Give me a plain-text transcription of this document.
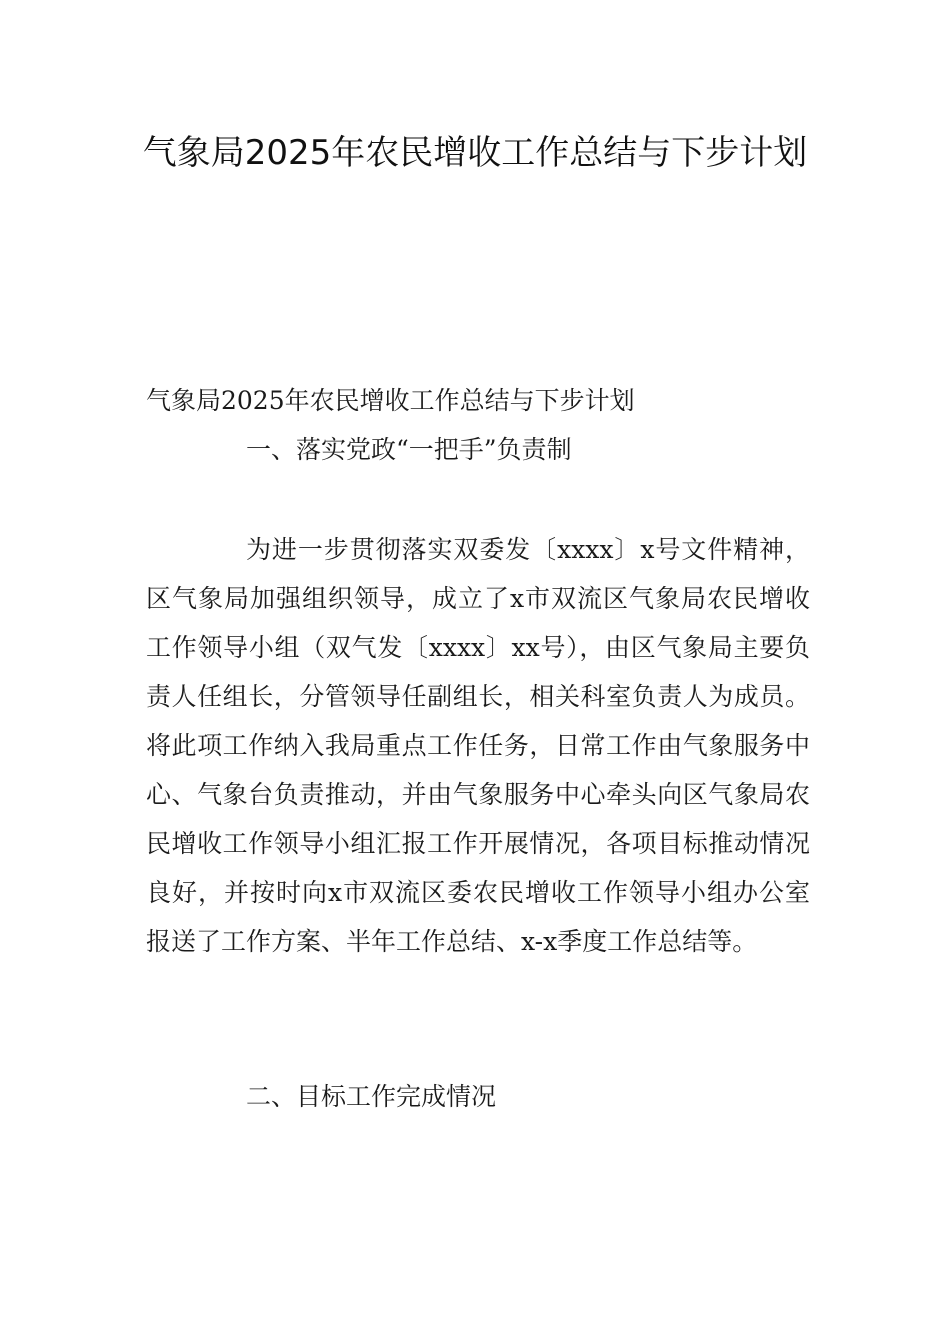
气象局2025年农民增收工作总结与下步计划

气象局2025年农民增收工作总结与下步计划

一、落实党政“一把手”负责制

为进一步贯彻落实双委发〔xxxx〕x号文件精神，区气象局加强组织领导，成立了x市双流区气象局农民增收工作领导小组（双气发〔xxxx〕xx号），由区气象局主要负责人任组长，分管领导任副组长，相关科室负责人为成员。将此项工作纳入我局重点工作任务，日常工作由气象服务中心、气象台负责推动，并由气象服务中心牵头向区气象局农民增收工作领导小组汇报工作开展情况，各项目标推动情况良好，并按时向x市双流区委农民增收工作领导小组办公室报送了工作方案、半年工作总结、x-x季度工作总结等。

二、目标工作完成情况
